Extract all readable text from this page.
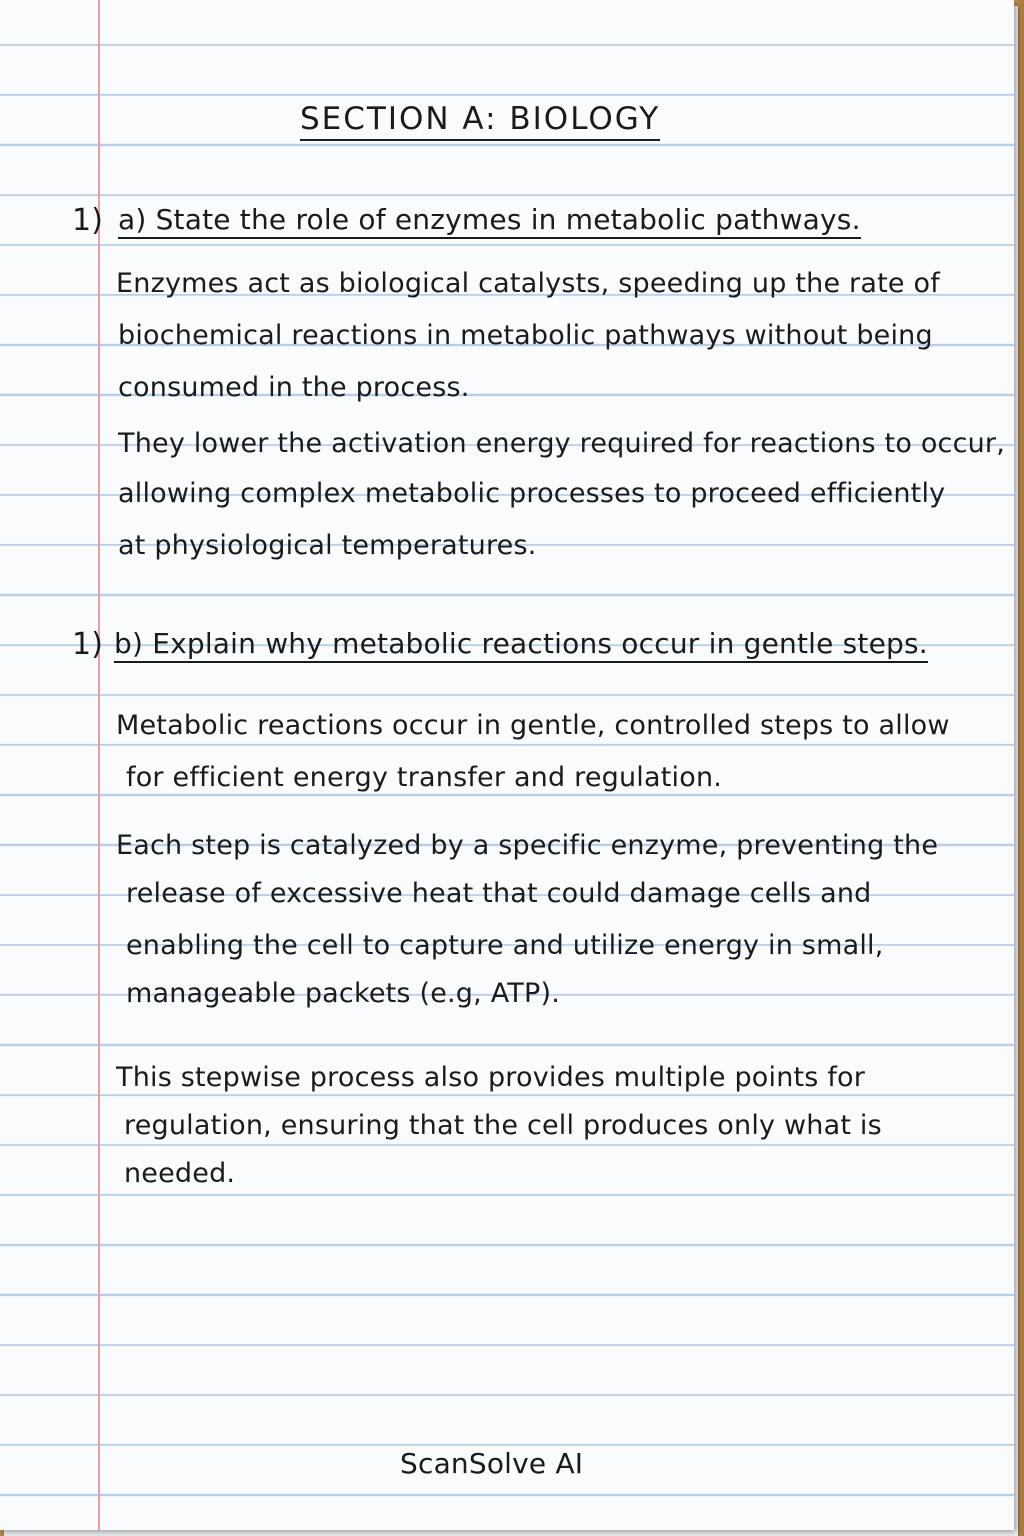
SECTION A: BIOLOGY
1) a) State the role of enzymes in metabolic pathways.
Enzymes act as biological catalysts, speeding up the rate of
biochemical reactions in metabolic pathways without being
consumed in the process.
They lower the activation energy required for reactions to occur,
allowing complex metabolic processes to proceed efficiently
at physiological temperatures.
1) b) Explain why metabolic reactions occur in gentle steps.
Metabolic reactions occur in gentle, controlled steps to allow
for efficient energy transfer and regulation.
Each step is catalyzed by a specific enzyme, preventing the
release of excessive heat that could damage cells and
enabling the cell to capture and utilize energy in small,
manageable packets (e.g, ATP).
This stepwise process also provides multiple points for
regulation, ensuring that the cell produces only what is
needed.
ScanSolve AI
